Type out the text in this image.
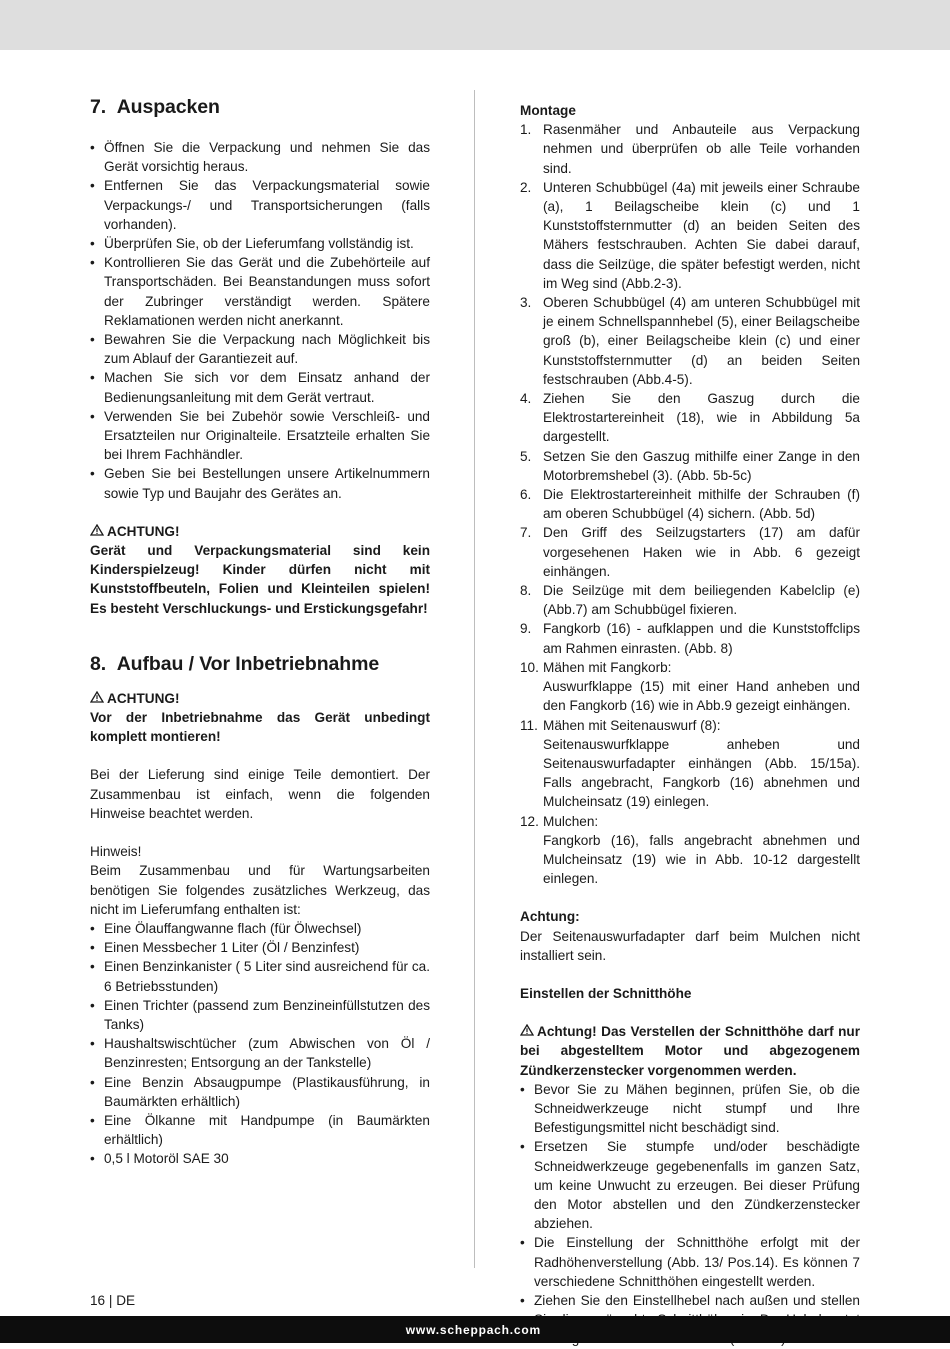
7.  Auspacken
• Öffnen Sie die Verpackung und nehmen Sie das Gerät vorsichtig heraus.
• Entfernen Sie das Verpackungsmaterial sowie Verpackungs-/ und Transportsicherungen (falls vorhanden).
• Überprüfen Sie, ob der Lieferumfang vollständig ist.
• Kontrollieren Sie das Gerät und die Zubehörteile auf Transportschäden. Bei Beanstandungen muss sofort der Zubringer verständigt werden. Spätere Reklamationen werden nicht anerkannt.
• Bewahren Sie die Verpackung nach Möglichkeit bis zum Ablauf der Garantiezeit auf.
• Machen Sie sich vor dem Einsatz anhand der Bedienungsanleitung mit dem Gerät vertraut.
• Verwenden Sie bei Zubehör sowie Verschleiß- und Ersatzteilen nur Originalteile. Ersatzteile erhalten Sie bei Ihrem Fachhändler.
• Geben Sie bei Bestellungen unsere Artikelnummern sowie Typ und Baujahr des Gerätes an.

ACHTUNG!

Gerät und Verpackungsmaterial sind kein Kinderspielzeug! Kinder dürfen nicht mit Kunststoffbeuteln, Folien und Kleinteilen spielen! Es besteht Verschluckungs- und Erstickungsgefahr!

8.  Aufbau / Vor Inbetriebnahme

ACHTUNG!

Vor der Inbetriebnahme das Gerät unbedingt komplett montieren!

Bei der Lieferung sind einige Teile demontiert. Der Zusammenbau ist einfach, wenn die folgenden Hinweise beachtet werden.

Hinweis!

Beim Zusammenbau und für Wartungsarbeiten benötigen Sie folgendes zusätzliches Werkzeug, das nicht im Lieferumfang enthalten ist:

• Eine Ölauffangwanne flach (für Ölwechsel)
• Einen Messbecher 1 Liter (Öl / Benzinfest)
• Einen Benzinkanister ( 5 Liter sind ausreichend für ca. 6 Betriebsstunden)
• Einen Trichter (passend zum Benzineinfüllstutzen des Tanks)
• Haushaltswischtücher (zum Abwischen von Öl / Benzinresten; Entsorgung an der Tankstelle)
• Eine Benzin Absaugpumpe (Plastikausführung, in Baumärkten erhältlich)
• Eine Ölkanne mit Handpumpe (in Baumärkten erhältlich)
• 0,5 l Motoröl SAE 30

Montage

1. Rasenmäher und Anbauteile aus Verpackung nehmen und überprüfen ob alle Teile vorhanden sind.
2. Unteren Schubbügel (4a) mit jeweils einer Schraube (a), 1 Beilagscheibe klein (c) und 1 Kunststoffsternmutter (d) an beiden Seiten des Mähers festschrauben. Achten Sie dabei darauf, dass die Seilzüge, die später befestigt werden, nicht im Weg sind (Abb.2-3).
3. Oberen Schubbügel (4) am unteren Schubbügel mit je einem Schnellspannhebel (5), einer Beilagscheibe groß (b), einer Beilagscheibe klein (c) und einer Kunststoffsternmutter (d) an beiden Seiten festschrauben (Abb.4-5).
4. Ziehen Sie den Gaszug durch die Elektrostartereinheit (18), wie in Abbildung 5a dargestellt.
5. Setzen Sie den Gaszug mithilfe einer Zange in den Motorbremshebel (3). (Abb. 5b-5c)
6. Die Elektrostartereinheit mithilfe der Schrauben (f) am oberen Schubbügel (4) sichern. (Abb. 5d)
7. Den Griff des Seilzugstarters (17) am dafür vorgesehenen Haken wie in Abb. 6 gezeigt einhängen.
8. Die Seilzüge mit dem beiliegenden Kabelclip (e) (Abb.7) am Schubbügel fixieren.
9. Fangkorb (16) - aufklappen und die Kunststoffclips am Rahmen einrasten. (Abb. 8)
10. Mähen mit Fangkorb:
Auswurfklappe (15) mit einer Hand anheben und den Fangkorb (16) wie in Abb.9 gezeigt einhängen.
11. Mähen mit Seitenauswurf (8):
Seitenauswurfklappe anheben und Seitenauswurfadapter einhängen (Abb. 15/15a). Falls angebracht, Fangkorb (16) abnehmen und Mulcheinsatz (19) einlegen.
12. Mulchen:
Fangkorb (16), falls angebracht abnehmen und Mulcheinsatz (19) wie in Abb. 10-12 dargestellt einlegen.

Achtung:

Der Seitenauswurfadapter darf beim Mulchen nicht installiert sein.

Einstellen der Schnitthöhe

Achtung! Das Verstellen der Schnitthöhe darf nur bei abgestelltem Motor und abgezogenem Zündkerzenstecker vorgenommen werden.

• Bevor Sie zu Mähen beginnen, prüfen Sie, ob die Schneidwerkzeuge nicht stumpf und Ihre Befestigungsmittel nicht beschädigt sind.
• Ersetzen Sie stumpfe und/oder beschädigte Schneidwerkzeuge gegebenenfalls im ganzen Satz, um keine Unwucht zu erzeugen. Bei dieser Prüfung den Motor abstellen und den Zündkerzenstecker abziehen.
• Die Einstellung der Schnitthöhe erfolgt mit der Radhöhenverstellung (Abb. 13/ Pos.14). Es können 7 verschiedene Schnitthöhen eingestellt werden.
• Ziehen Sie den Einstellhebel nach außen und stellen
16 | DE
www.scheppach.com
